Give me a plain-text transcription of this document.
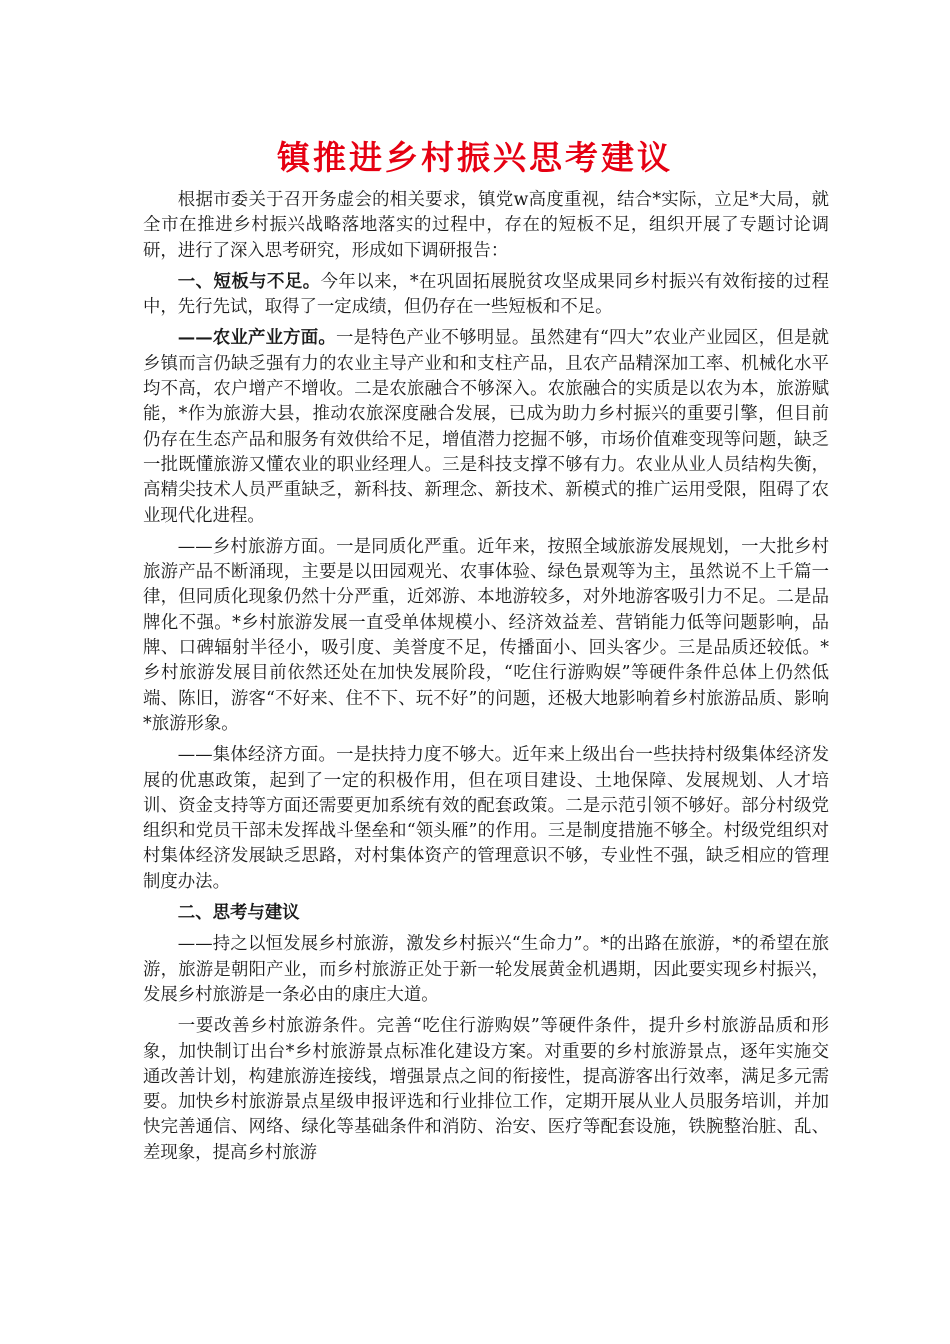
镇推进乡村振兴思考建议

根据市委关于召开务虚会的相关要求，镇党w高度重视，结合*实际，立足*大局，就全市在推进乡村振兴战略落地落实的过程中，存在的短板不足，组织开展了专题讨论调研，进行了深入思考研究，形成如下调研报告：

一、短板与不足。今年以来，*在巩固拓展脱贫攻坚成果同乡村振兴有效衔接的过程中，先行先试，取得了一定成绩，但仍存在一些短板和不足。

——农业产业方面。一是特色产业不够明显。虽然建有“四大”农业产业园区，但是就乡镇而言仍缺乏强有力的农业主导产业和和支柱产品，且农产品精深加工率、机械化水平均不高，农户增产不增收。二是农旅融合不够深入。农旅融合的实质是以农为本，旅游赋能，*作为旅游大县，推动农旅深度融合发展，已成为助力乡村振兴的重要引擎，但目前仍存在生态产品和服务有效供给不足，增值潜力挖掘不够，市场价值难变现等问题，缺乏一批既懂旅游又懂农业的职业经理人。三是科技支撑不够有力。农业从业人员结构失衡，高精尖技术人员严重缺乏，新科技、新理念、新技术、新模式的推广运用受限，阻碍了农业现代化进程。

——乡村旅游方面。一是同质化严重。近年来，按照全域旅游发展规划，一大批乡村旅游产品不断涌现，主要是以田园观光、农事体验、绿色景观等为主，虽然说不上千篇一律，但同质化现象仍然十分严重，近郊游、本地游较多，对外地游客吸引力不足。二是品牌化不强。*乡村旅游发展一直受单体规模小、经济效益差、营销能力低等问题影响，品牌、口碑辐射半径小，吸引度、美誉度不足，传播面小、回头客少。三是品质还较低。*乡村旅游发展目前依然还处在加快发展阶段，“吃住行游购娱”等硬件条件总体上仍然低端、陈旧，游客“不好来、住不下、玩不好”的问题，还极大地影响着乡村旅游品质、影响*旅游形象。

——集体经济方面。一是扶持力度不够大。近年来上级出台一些扶持村级集体经济发展的优惠政策，起到了一定的积极作用，但在项目建设、土地保障、发展规划、人才培训、资金支持等方面还需要更加系统有效的配套政策。二是示范引领不够好。部分村级党组织和党员干部未发挥战斗堡垒和“领头雁”的作用。三是制度措施不够全。村级党组织对村集体经济发展缺乏思路，对村集体资产的管理意识不够，专业性不强，缺乏相应的管理制度办法。

二、思考与建议

——持之以恒发展乡村旅游，激发乡村振兴“生命力”。*的出路在旅游，*的希望在旅游，旅游是朝阳产业，而乡村旅游正处于新一轮发展黄金机遇期，因此要实现乡村振兴，发展乡村旅游是一条必由的康庄大道。

一要改善乡村旅游条件。完善“吃住行游购娱”等硬件条件，提升乡村旅游品质和形象，加快制订出台*乡村旅游景点标准化建设方案。对重要的乡村旅游景点，逐年实施交通改善计划，构建旅游连接线，增强景点之间的衔接性，提高游客出行效率，满足多元需要。加快乡村旅游景点星级申报评选和行业排位工作，定期开展从业人员服务培训，并加快完善通信、网络、绿化等基础条件和消防、治安、医疗等配套设施，铁腕整治脏、乱、差现象，提高乡村旅游
